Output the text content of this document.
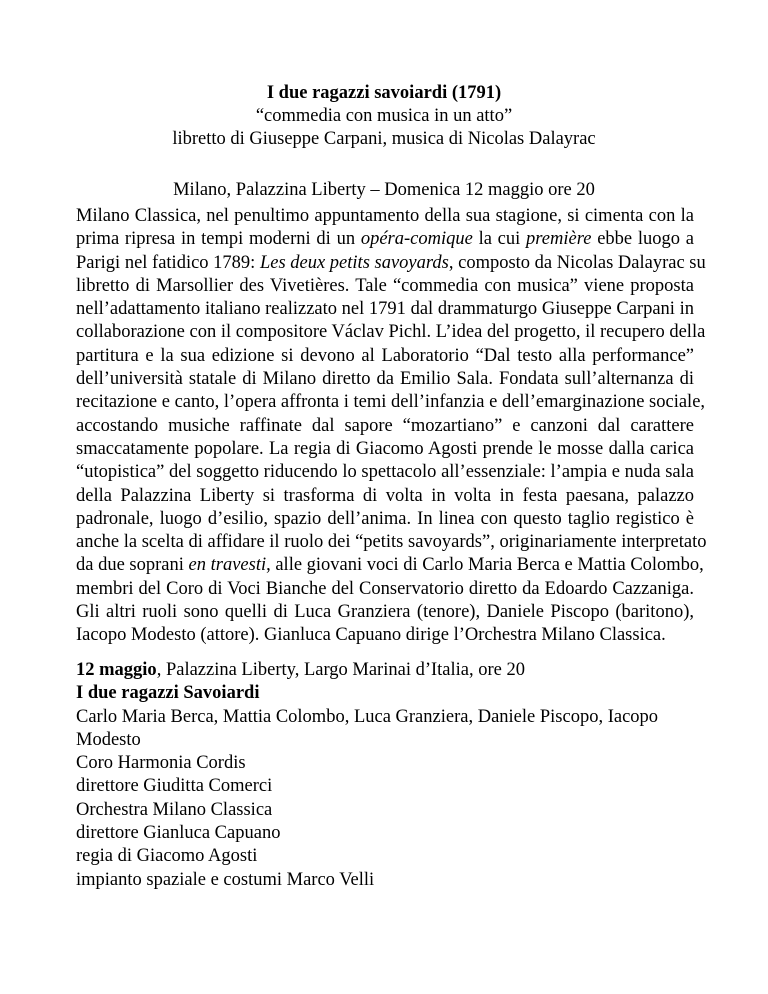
I due ragazzi savoiardi (1791)
“commedia con musica in un atto”
libretto di Giuseppe Carpani, musica di Nicolas Dalayrac
Milano, Palazzina Liberty – Domenica 12 maggio ore 20
Milano Classica, nel penultimo appuntamento della sua stagione, si cimenta con la
prima ripresa in tempi moderni di un opéra-comique la cui première ebbe luogo a
Parigi nel fatidico 1789: Les deux petits savoyards, composto da Nicolas Dalayrac su
libretto di Marsollier des Vivetières. Tale “commedia con musica” viene proposta
nell’adattamento italiano realizzato nel 1791 dal drammaturgo Giuseppe Carpani in
collaborazione con il compositore Václav Pichl. L’idea del progetto, il recupero della
partitura e la sua edizione si devono al Laboratorio “Dal testo alla performance”
dell’università statale di Milano diretto da Emilio Sala. Fondata sull’alternanza di
recitazione e canto, l’opera affronta i temi dell’infanzia e dell’emarginazione sociale,
accostando musiche raffinate dal sapore “mozartiano” e canzoni dal carattere
smaccatamente popolare. La regia di Giacomo Agosti prende le mosse dalla carica
“utopistica” del soggetto riducendo lo spettacolo all’essenziale: l’ampia e nuda sala
della Palazzina Liberty si trasforma di volta in volta in festa paesana, palazzo
padronale, luogo d’esilio, spazio dell’anima. In linea con questo taglio registico è
anche la scelta di affidare il ruolo dei “petits savoyards”, originariamente interpretato
da due soprani en travesti, alle giovani voci di Carlo Maria Berca e Mattia Colombo,
membri del Coro di Voci Bianche del Conservatorio diretto da Edoardo Cazzaniga.
Gli altri ruoli sono quelli di Luca Granziera (tenore), Daniele Piscopo (baritono),
Iacopo Modesto (attore). Gianluca Capuano dirige l’Orchestra Milano Classica.
12 maggio, Palazzina Liberty, Largo Marinai d’Italia, ore 20
I due ragazzi Savoiardi
Carlo Maria Berca, Mattia Colombo, Luca Granziera, Daniele Piscopo, Iacopo
Modesto
Coro Harmonia Cordis
direttore Giuditta Comerci
Orchestra Milano Classica
direttore Gianluca Capuano
regia di Giacomo Agosti
impianto spaziale e costumi Marco Velli
